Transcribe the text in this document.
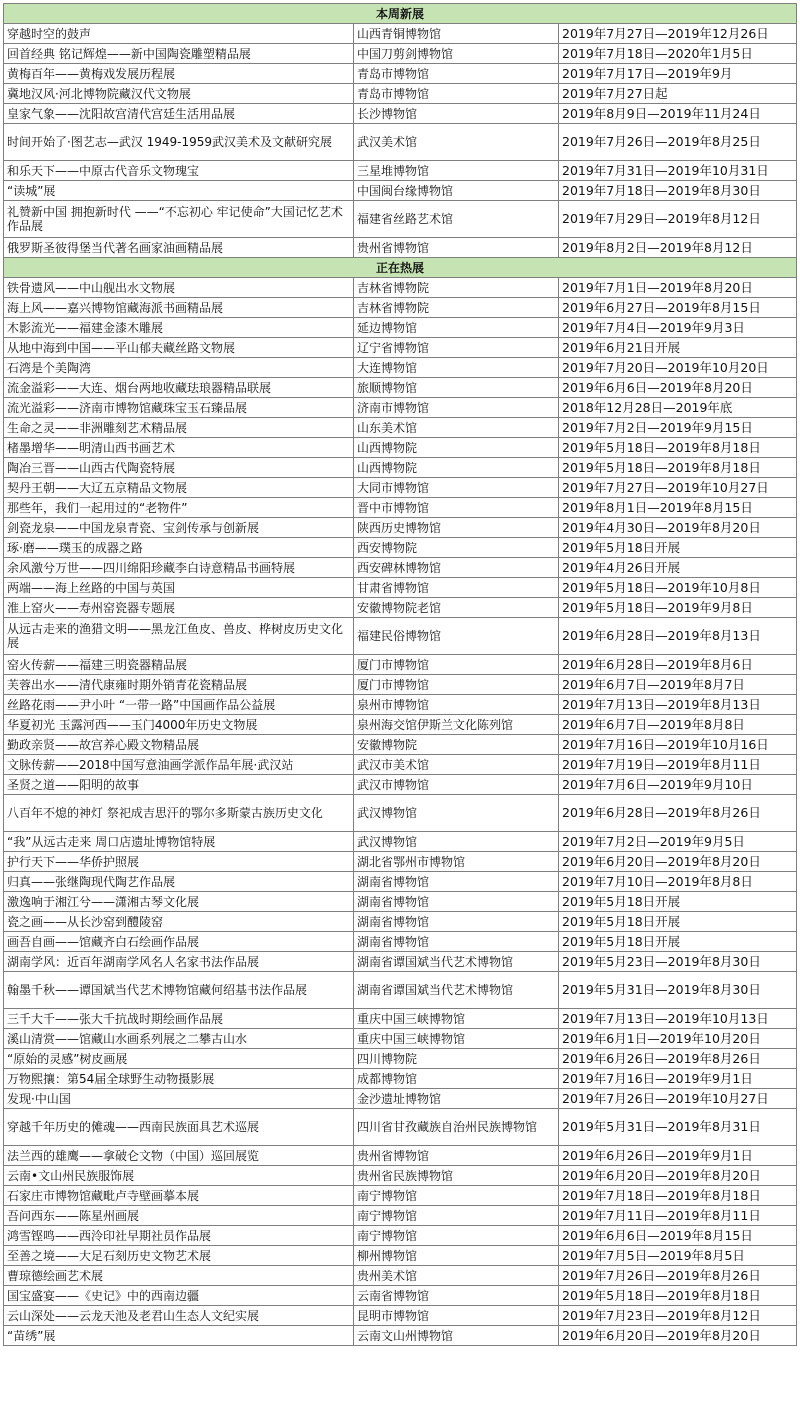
本周新展		
穿越时空的鼓声	山西青铜博物馆	2019年7月27日—2019年12月26日
回首经典 铭记辉煌——新中国陶瓷雕塑精品展	中国刀剪剑博物馆	2019年7月18日—2020年1月5日
黄梅百年——黄梅戏发展历程展	青岛市博物馆	2019年7月17日—2019年9月
冀地汉风·河北博物院藏汉代文物展	青岛市博物馆	2019年7月27日起
皇家气象——沈阳故宫清代宫廷生活用品展	长沙博物馆	2019年8月9日—2019年11月24日
时间开始了·图艺志—武汉 1949-1959武汉美术及文献研究展	武汉美术馆	2019年7月26日—2019年8月25日
和乐天下——中原古代音乐文物瑰宝	三星堆博物馆	2019年7月31日—2019年10月31日
“读城”展	中国闽台缘博物馆	2019年7月18日—2019年8月30日
礼赞新中国 拥抱新时代 ——“不忘初心 牢记使命”大国记忆艺术作品展	福建省丝路艺术馆	2019年7月29日—2019年8月12日
俄罗斯圣彼得堡当代著名画家油画精品展	贵州省博物馆	2019年8月2日—2019年8月12日
正在热展		
铁骨遗风——中山舰出水文物展	吉林省博物院	2019年7月1日—2019年8月20日
海上风——嘉兴博物馆藏海派书画精品展	吉林省博物院	2019年6月27日—2019年8月15日
木影流光——福建金漆木雕展	延边博物馆	2019年7月4日—2019年9月3日
从地中海到中国——平山郁夫藏丝路文物展	辽宁省博物馆	2019年6月21日开展
石湾是个美陶湾	大连博物馆	2019年7月20日—2019年10月20日
流金溢彩——大连、烟台两地收藏珐琅器精品联展	旅顺博物馆	2019年6月6日—2019年8月20日
流光溢彩——济南市博物馆藏珠宝玉石臻品展	济南市博物馆	2018年12月28日—2019年底
生命之灵——非洲雕刻艺术精品展	山东美术馆	2019年7月2日—2019年9月15日
楮墨增华——明清山西书画艺术	山西博物院	2019年5月18日—2019年8月18日
陶冶三晋——山西古代陶瓷特展	山西博物院	2019年5月18日—2019年8月18日
契丹王朝——大辽五京精品文物展	大同市博物馆	2019年7月27日—2019年10月27日
那些年，我们一起用过的“老物件”	晋中市博物馆	2019年8月1日—2019年8月15日
剑瓷龙泉——中国龙泉青瓷、宝剑传承与创新展	陕西历史博物馆	2019年4月30日—2019年8月20日
琢·磨——璞玉的成器之路	西安博物院	2019年5月18日开展
余风激兮万世——四川绵阳珍藏李白诗意精品书画特展	西安碑林博物馆	2019年4月26日开展
两端——海上丝路的中国与英国	甘肃省博物馆	2019年5月18日—2019年10月8日
淮上窑火——寿州窑瓷器专题展	安徽博物院老馆	2019年5月18日—2019年9月8日
从远古走来的渔猎文明——黑龙江鱼皮、兽皮、桦树皮历史文化展	福建民俗博物馆	2019年6月28日—2019年8月13日
窑火传薪——福建三明瓷器精品展	厦门市博物馆	2019年6月28日—2019年8月6日
芙蓉出水——清代康雍时期外销青花瓷精品展	厦门市博物馆	2019年6月7日—2019年8月7日
丝路花雨——尹小叶 “一带一路”中国画作品公益展	泉州市博物馆	2019年7月13日—2019年8月13日
华夏初光 玉露河西——玉门4000年历史文物展	泉州海交馆伊斯兰文化陈列馆	2019年6月7日—2019年8月8日
勤政亲贤——故宫养心殿文物精品展	安徽博物院	2019年7月16日—2019年10月16日
文脉传薪——2018中国写意油画学派作品年展·武汉站	武汉市美术馆	2019年7月19日—2019年8月11日
圣贤之道——阳明的故事	武汉市博物馆	2019年7月6日—2019年9月10日
八百年不熄的神灯 祭祀成吉思汗的鄂尔多斯蒙古族历史文化	武汉博物馆	2019年6月28日—2019年8月26日
“我”从远古走来 周口店遗址博物馆特展	武汉博物馆	2019年7月2日—2019年9月5日
护行天下——华侨护照展	湖北省鄂州市博物馆	2019年6月20日—2019年8月20日
归真——张继陶现代陶艺作品展	湖南省博物馆	2019年7月10日—2019年8月8日
激逸响于湘江兮——潇湘古琴文化展	湖南省博物馆	2019年5月18日开展
瓷之画——从长沙窑到醴陵窑	湖南省博物馆	2019年5月18日开展
画吾自画——馆藏齐白石绘画作品展	湖南省博物馆	2019年5月18日开展
湖南学风：近百年湖南学风名人名家书法作品展	湖南省谭国斌当代艺术博物馆	2019年5月23日—2019年8月30日
翰墨千秋——谭国斌当代艺术博物馆藏何绍基书法作品展	湖南省谭国斌当代艺术博物馆	2019年5月31日—2019年8月30日
三千大千——张大千抗战时期绘画作品展	重庆中国三峡博物馆	2019年7月13日—2019年10月13日
溪山清赏——馆藏山水画系列展之二攀古山水	重庆中国三峡博物馆	2019年6月1日—2019年10月20日
“原始的灵感”树皮画展	四川博物院	2019年6月26日—2019年8月26日
万物熙攘：第54届全球野生动物摄影展	成都博物馆	2019年7月16日—2019年9月1日
发现·中山国	金沙遗址博物馆	2019年7月26日—2019年10月27日
穿越千年历史的傩魂——西南民族面具艺术巡展	四川省甘孜藏族自治州民族博物馆	2019年5月31日—2019年8月31日
法兰西的雄鹰——拿破仑文物（中国）巡回展览	贵州省博物馆	2019年6月26日—2019年9月1日
云南•文山州民族服饰展	贵州省民族博物馆	2019年6月20日—2019年8月20日
石家庄市博物馆藏毗卢寺壁画摹本展	南宁博物馆	2019年7月18日—2019年8月18日
吾问西东——陈星州画展	南宁博物馆	2019年7月11日—2019年8月11日
鸿雪铿鸣——西泠印社早期社员作品展	南宁博物馆	2019年6月6日—2019年8月15日
至善之境——大足石刻历史文物艺术展	柳州博物馆	2019年7月5日—2019年8月5日
曹琼德绘画艺术展	贵州美术馆	2019年7月26日—2019年8月26日
国宝盛宴——《史记》中的西南边疆	云南省博物馆	2019年5月18日—2019年8月18日
云山深处——云龙天池及老君山生态人文纪实展	昆明市博物馆	2019年7月23日—2019年8月12日
“苗绣”展	云南文山州博物馆	2019年6月20日—2019年8月20日
